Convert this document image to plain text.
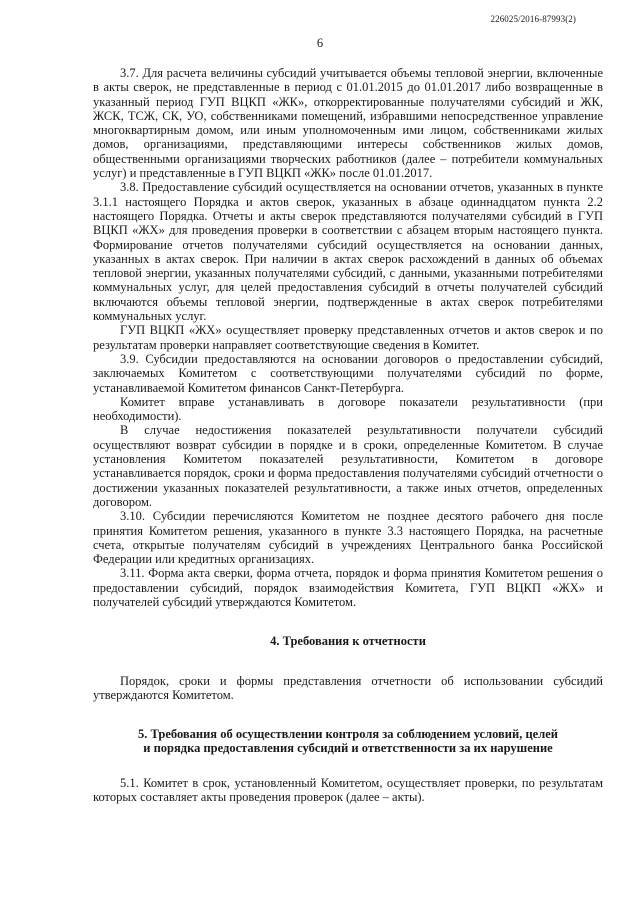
226025/2016-87993(2)
6

3.7. Для расчета величины субсидий учитывается объемы тепловой энергии, включенные в акты сверок, не представленные в период с 01.01.2015 до 01.01.2017 либо возвращенные в указанный период ГУП ВЦКП «ЖК», откорректированные получателями субсидий и ЖК, ЖСК, ТСЖ, СК, УО, собственниками помещений, избравшими непосредственное управление многоквартирным домом, или иным уполномоченным ими лицом, собственниками жилых домов, организациями, представляющими интересы собственников жилых домов, общественными организациями творческих работников (далее – потребители коммунальных услуг) и представленные в ГУП ВЦКП «ЖК» после 01.01.2017.

3.8. Предоставление субсидий осуществляется на основании отчетов, указанных в пункте 3.1.1 настоящего Порядка и актов сверок, указанных в абзаце одиннадцатом пункта 2.2 настоящего Порядка. Отчеты и акты сверок представляются получателями субсидий в ГУП ВЦКП «ЖХ» для проведения проверки в соответствии с абзацем вторым настоящего пункта. Формирование отчетов получателями субсидий осуществляется на основании данных, указанных в актах сверок. При наличии в актах сверок расхождений в данных об объемах тепловой энергии, указанных получателями субсидий, с данными, указанными потребителями коммунальных услуг, для целей предоставления субсидий в отчеты получателей субсидий включаются объемы тепловой энергии, подтвержденные в актах сверок потребителями коммунальных услуг.

ГУП ВЦКП «ЖХ» осуществляет проверку представленных отчетов и актов сверок и по результатам проверки направляет соответствующие сведения в Комитет.

3.9. Субсидии предоставляются на основании договоров о предоставлении субсидий, заключаемых Комитетом с соответствующими получателями субсидий по форме, устанавливаемой Комитетом финансов Санкт-Петербурга.

Комитет вправе устанавливать в договоре показатели результативности (при необходимости).

В случае недостижения показателей результативности получатели субсидий осуществляют возврат субсидии в порядке и в сроки, определенные Комитетом. В случае установления Комитетом показателей результативности, Комитетом в договоре устанавливается порядок, сроки и форма предоставления получателями субсидий отчетности о достижении указанных показателей результативности, а также иных отчетов, определенных договором.

3.10. Субсидии перечисляются Комитетом не позднее десятого рабочего дня после принятия Комитетом решения, указанного в пункте 3.3 настоящего Порядка, на расчетные счета, открытые получателям субсидий в учреждениях Центрального банка Российской Федерации или кредитных организациях.

3.11. Форма акта сверки, форма отчета, порядок и форма принятия Комитетом решения о предоставлении субсидий, порядок взаимодействия Комитета, ГУП ВЦКП «ЖХ» и получателей субсидий утверждаются Комитетом.

4. Требования к отчетности

Порядок, сроки и формы представления отчетности об использовании субсидий утверждаются Комитетом.

5. Требования об осуществлении контроля за соблюдением условий, целей

и порядка предоставления субсидий и ответственности за их нарушение

5.1. Комитет в срок, установленный Комитетом, осуществляет проверки, по результатам которых составляет акты проведения проверок (далее – акты).
